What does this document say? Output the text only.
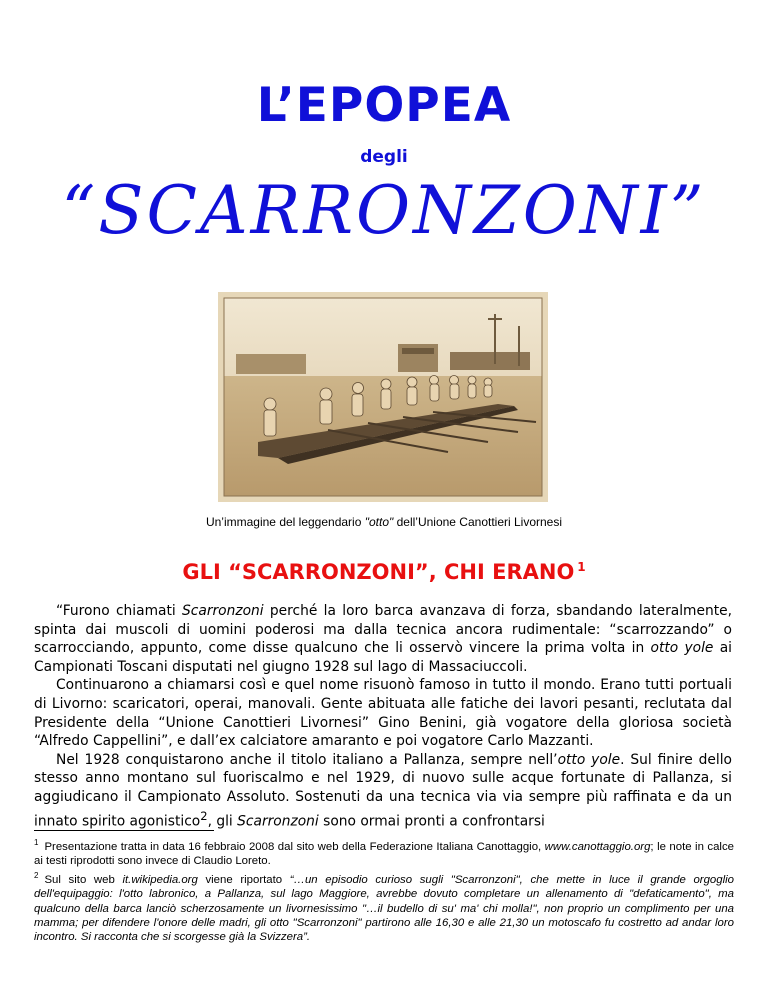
L’EPOPEA
degli
“SCARRONZONI”
Un’immagine del leggendario "otto" dell’Unione Canottieri Livornesi
GLI “SCARRONZONI”, CHI ERANO $^1$

“Furono chiamati Scarronzoni perché la loro barca avanzava di forza, sbandando lateralmente, spinta dai muscoli di uomini poderosi ma dalla tecnica ancora rudimentale: “scarrozzando” o scarrocciando, appunto, come disse qualcuno che li osservò vincere la prima volta in otto yole ai Campionati Toscani disputati nel giugno 1928 sul lago di Massaciuccoli.

Continuarono a chiamarsi così e quel nome risuonò famoso in tutto il mondo. Erano tutti portuali di Livorno: scaricatori, operai, manovali. Gente abituata alle fatiche dei lavori pesanti, reclutata dal Presidente della “Unione Canottieri Livornesi” Gino Benini, già vogatore della gloriosa società “Alfredo Cappellini”, e dall’ex calciatore amaranto e poi vogatore Carlo Mazzanti.

Nel 1928 conquistarono anche il titolo italiano a Pallanza, sempre nell’otto yole. Sul finire dello stesso anno montano sul fuoriscalmo e nel 1929, di nuovo sulle acque fortunate di Pallanza, si aggiudicano il Campionato Assoluto. Sostenuti da una tecnica via via sempre più raffinata e da un innato spirito agonistico$^2$, gli Scarronzoni sono ormai pronti a confrontarsi

$^1$ Presentazione tratta in data 16 febbraio 2008 dal sito web della Federazione Italiana Canottaggio, www.canottaggio.org; le note in calce ai testi riprodotti sono invece di Claudio Loreto.

$^2$ Sul sito web it.wikipedia.org viene riportato “…un episodio curioso sugli "Scarronzoni", che mette in luce il grande orgoglio dell'equipaggio: l'otto labronico, a Pallanza, sul lago Maggiore, avrebbe dovuto completare un allenamento di "defaticamento", ma qualcuno della barca lanciò scherzosamente un livornesissimo "…il budello di su' ma' chi molla!", non proprio un complimento per una mamma; per difendere l'onore delle madri, gli otto "Scarronzoni" partirono alle 16,30 e alle 21,30 un motoscafo fu costretto ad andar loro incontro. Si racconta che si scorgesse già la Svizzera”.
